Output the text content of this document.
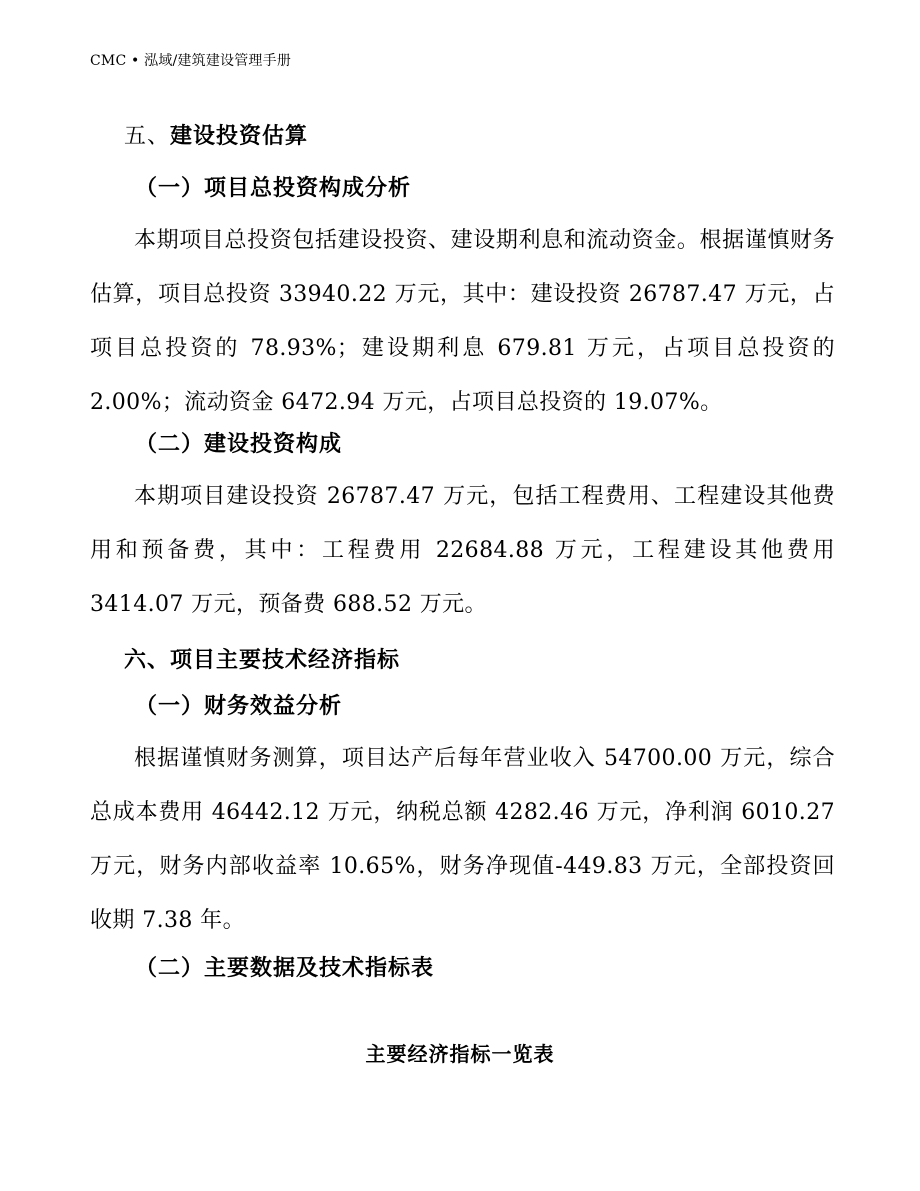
CMC • 泓域/建筑建设管理手册
五、建设投资估算
（一）项目总投资构成分析
本期项目总投资包括建设投资、建设期利息和流动资金。根据谨慎财务估算，项目总投资 33940.22 万元，其中：建设投资 26787.47 万元，占项目总投资的 78.93%；建设期利息 679.81 万元，占项目总投资的 2.00%；流动资金 6472.94 万元，占项目总投资的 19.07%。
（二）建设投资构成
本期项目建设投资 26787.47 万元，包括工程费用、工程建设其他费用和预备费，其中：工程费用 22684.88 万元，工程建设其他费用 3414.07 万元，预备费 688.52 万元。
六、项目主要技术经济指标
（一）财务效益分析
根据谨慎财务测算，项目达产后每年营业收入 54700.00 万元，综合总成本费用 46442.12 万元，纳税总额 4282.46 万元，净利润 6010.27 万元，财务内部收益率 10.65%，财务净现值-449.83 万元，全部投资回收期 7.38 年。
（二）主要数据及技术指标表
主要经济指标一览表
